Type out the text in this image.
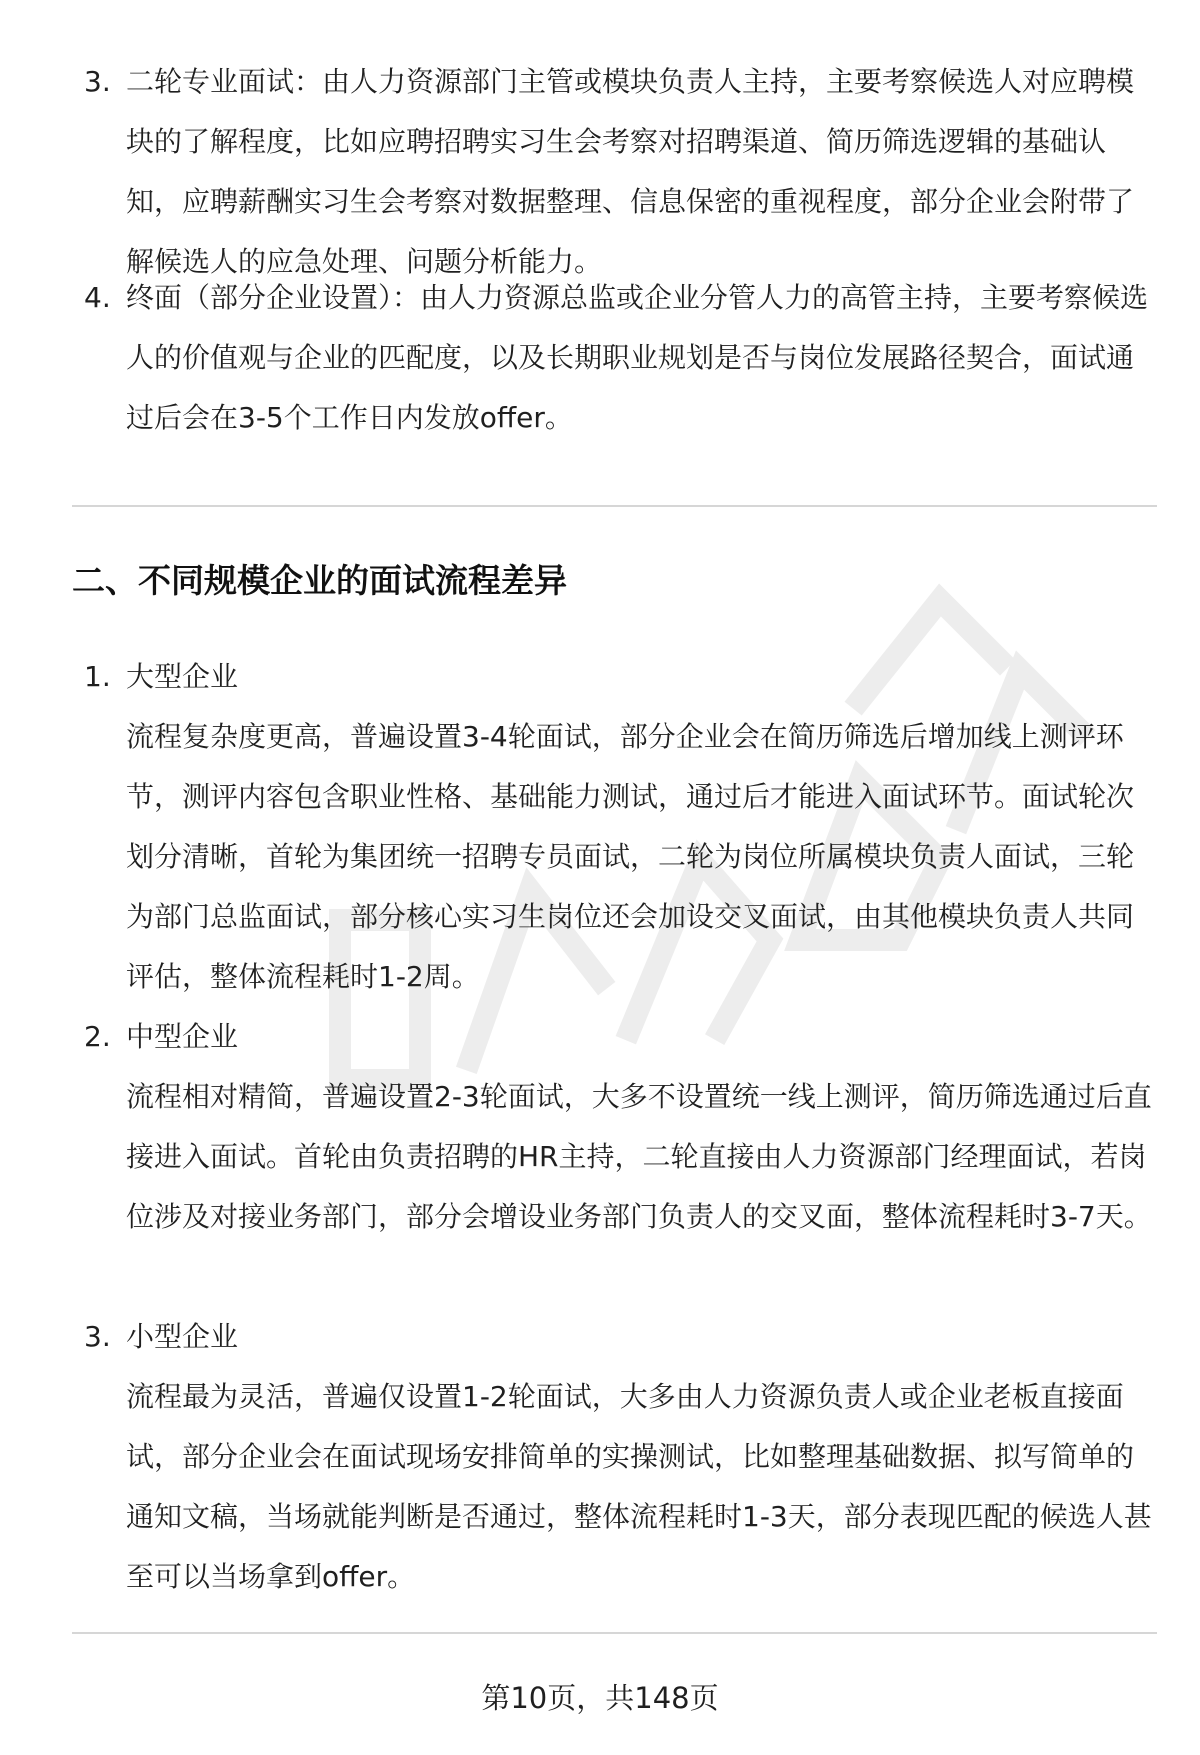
3. 二轮专业面试：由人力资源部门主管或模块负责人主持，主要考察候选人对应聘模块的了解程度，比如应聘招聘实习生会考察对招聘渠道、简历筛选逻辑的基础认知，应聘薪酬实习生会考察对数据整理、信息保密的重视程度，部分企业会附带了解候选人的应急处理、问题分析能力。

4. 终面（部分企业设置）：由人力资源总监或企业分管人力的高管主持，主要考察候选人的价值观与企业的匹配度，以及长期职业规划是否与岗位发展路径契合，面试通过后会在3-5个工作日内发放offer。

二、不同规模企业的面试流程差异
1. 大型企业

流程复杂度更高，普遍设置3-4轮面试，部分企业会在简历筛选后增加线上测评环节，测评内容包含职业性格、基础能力测试，通过后才能进入面试环节。面试轮次划分清晰，首轮为集团统一招聘专员面试，二轮为岗位所属模块负责人面试，三轮为部门总监面试，部分核心实习生岗位还会加设交叉面试，由其他模块负责人共同评估，整体流程耗时1-2周。

2. 中型企业

流程相对精简，普遍设置2-3轮面试，大多不设置统一线上测评，简历筛选通过后直接进入面试。首轮由负责招聘的HR主持，二轮直接由人力资源部门经理面试，若岗位涉及对接业务部门，部分会增设业务部门负责人的交叉面，整体流程耗时3-7天。

3. 小型企业

流程最为灵活，普遍仅设置1-2轮面试，大多由人力资源负责人或企业老板直接面试，部分企业会在面试现场安排简单的实操测试，比如整理基础数据、拟写简单的通知文稿，当场就能判断是否通过，整体流程耗时1-3天，部分表现匹配的候选人甚至可以当场拿到offer。

第10页，共148页
